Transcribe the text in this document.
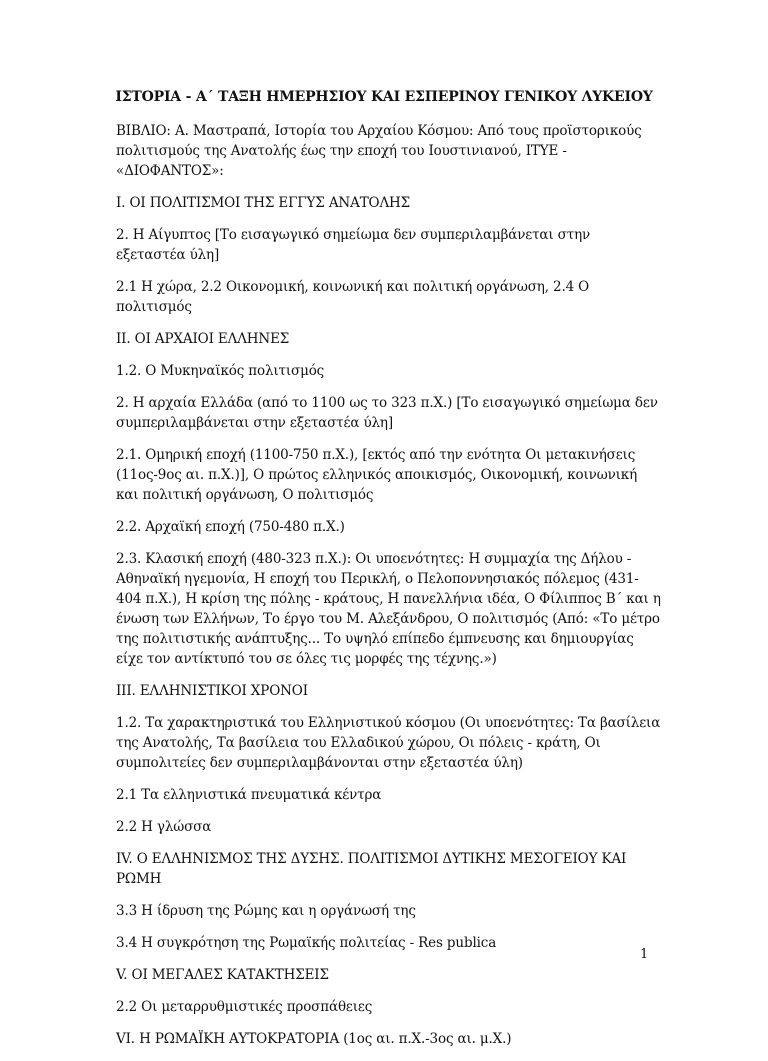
ΙΣΤΟΡΙΑ - Α΄ ΤΑΞΗ ΗΜΕΡΗΣΙΟΥ ΚΑΙ ΕΣΠΕΡΙΝΟΥ ΓΕΝΙΚΟΥ ΛΥΚΕΙΟΥ

ΒΙΒΛΙΟ: Α. Μαστραπά, Ιστορία του Αρχαίου Κόσμου: Από τους προϊστορικούς πολιτισμούς της Ανατολής έως την εποχή του Ιουστινιανού, ΙΤΥΕ - «ΔΙΟΦΑΝΤΟΣ»:

Ι. ΟΙ ΠΟΛΙΤΙΣΜΟΙ ΤΗΣ ΕΓΓΥΣ ΑΝΑΤΟΛΗΣ

2. Η Αίγυπτος [Το εισαγωγικό σημείωμα δεν συμπεριλαμβάνεται στην εξεταστέα ύλη]

2.1 Η χώρα, 2.2 Οικονομική, κοινωνική και πολιτική οργάνωση, 2.4 Ο πολιτισμός

ΙΙ. ΟΙ ΑΡΧΑΙΟΙ ΕΛΛΗΝΕΣ

1.2. Ο Μυκηναϊκός πολιτισμός

2. Η αρχαία Ελλάδα (από το 1100 ως το 323 π.Χ.) [Το εισαγωγικό σημείωμα δεν συμπεριλαμβάνεται στην εξεταστέα ύλη]

2.1. Ομηρική εποχή (1100-750 π.Χ.), [εκτός από την ενότητα Οι μετακινήσεις (11ος-9ος αι. π.Χ.)], Ο πρώτος ελληνικός αποικισμός, Οικονομική, κοινωνική και πολιτική οργάνωση, Ο πολιτισμός

2.2. Αρχαϊκή εποχή (750-480 π.Χ.)

2.3. Κλασική εποχή (480-323 π.Χ.): Οι υποενότητες: Η συμμαχία της Δήλου - Αθηναϊκή ηγεμονία, Η εποχή του Περικλή, ο Πελοποννησιακός πόλεμος (431-404 π.Χ.), Η κρίση της πόλης - κράτους, Η πανελλήνια ιδέα, Ο Φίλιππος Β΄ και η ένωση των Ελλήνων, Το έργο του Μ. Αλεξάνδρου, Ο πολιτισμός (Από: «Το μέτρο της πολιτιστικής ανάπτυξης... Το υψηλό επίπεδο έμπνευσης και δημιουργίας είχε τον αντίκτυπό του σε όλες τις μορφές της τέχνης.»)

ΙΙΙ. ΕΛΛΗΝΙΣΤΙΚΟΙ ΧΡΟΝΟΙ

1.2. Τα χαρακτηριστικά του Ελληνιστικού κόσμου (Οι υποενότητες: Τα βασίλεια της Ανατολής, Τα βασίλεια του Ελλαδικού χώρου, Οι πόλεις - κράτη, Οι συμπολιτείες δεν συμπεριλαμβάνονται στην εξεταστέα ύλη)

2.1 Τα ελληνιστικά πνευματικά κέντρα

2.2 Η γλώσσα

IV. Ο ΕΛΛΗΝΙΣΜΟΣ ΤΗΣ ΔΥΣΗΣ. ΠΟΛΙΤΙΣΜΟΙ ΔΥΤΙΚΗΣ ΜΕΣΟΓΕΙΟΥ ΚΑΙ ΡΩΜΗ

3.3 Η ίδρυση της Ρώμης και η οργάνωσή της

3.4 Η συγκρότηση της Ρωμαϊκής πολιτείας - Res publica

V. ΟΙ ΜΕΓΑΛΕΣ ΚΑΤΑΚΤΗΣΕΙΣ

2.2 Οι μεταρρυθμιστικές προσπάθειες

VI. Η ΡΩΜΑΪΚΗ ΑΥΤΟΚΡΑΤΟΡΙΑ (1ος αι. π.Χ.-3ος αι. μ.Χ.)

1
